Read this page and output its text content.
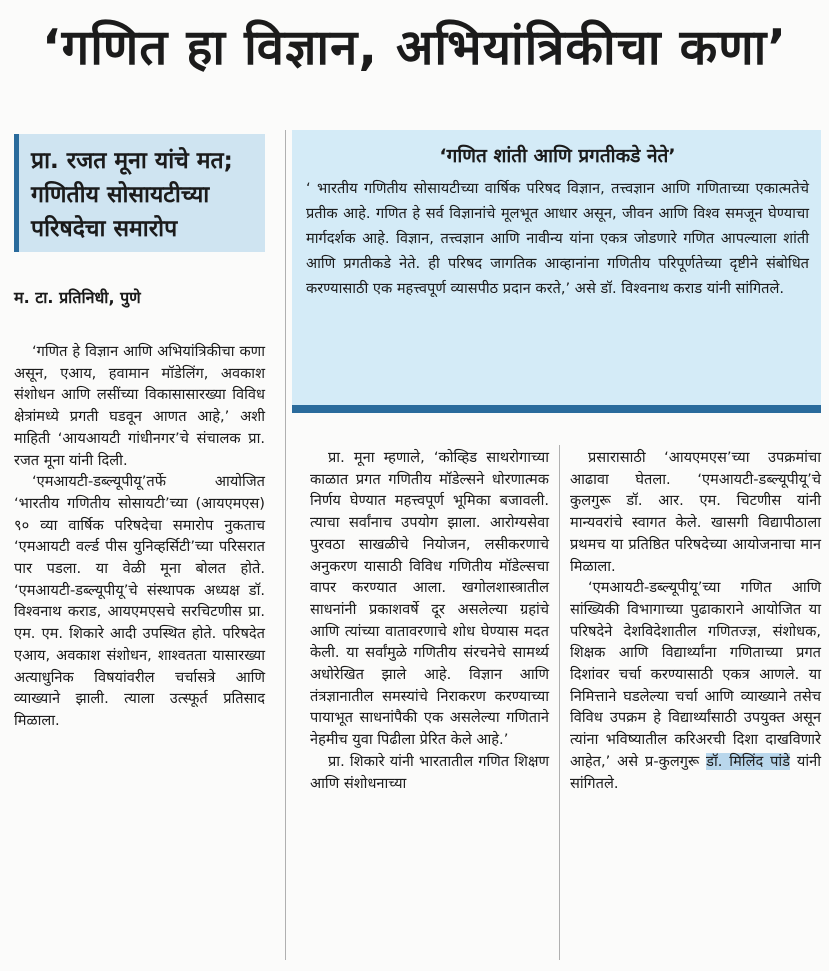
‘गणित हा विज्ञान, अभियांत्रिकीचा कणा’
प्रा. रजत मूना यांचे मत; गणितीय सोसायटीच्या परिषदेचा समारोप
म. टा. प्रतिनिधी, पुणे
‘गणित शांती आणि प्रगतीकडे नेते’
‘ भारतीय गणितीय सोसायटीच्या वार्षिक परिषद विज्ञान, तत्त्वज्ञान आणि गणिताच्या एकात्मतेचे प्रतीक आहे. गणित हे सर्व विज्ञानांचे मूलभूत आधार असून, जीवन आणि विश्व समजून घेण्याचा मार्गदर्शक आहे. विज्ञान, तत्त्वज्ञान आणि नावीन्य यांना एकत्र जोडणारे गणित आपल्याला शांती आणि प्रगतीकडे नेते. ही परिषद जागतिक आव्हानांना गणितीय परिपूर्णतेच्या दृष्टीने संबोधित करण्यासाठी एक महत्त्वपूर्ण व्यासपीठ प्रदान करते,’ असे डॉ. विश्वनाथ कराड यांनी सांगितले.

‘गणित हे विज्ञान आणि अभियांत्रिकीचा कणा असून, एआय, हवामान मॉडेलिंग, अवकाश संशोधन आणि लसींच्या विकासासारख्या विविध क्षेत्रांमध्ये प्रगती घडवून आणत आहे,’ अशी माहिती ‘आयआयटी गांधीनगर’चे संचालक प्रा. रजत मूना यांनी दिली.

‘एमआयटी-डब्ल्यूपीयू’तर्फे आयोजित ‘भारतीय गणितीय सोसायटी’च्या (आयएमएस) ९० व्या वार्षिक परिषदेचा समारोप नुकताच ‘एमआयटी वर्ल्ड पीस युनिव्हर्सिटी’च्या परिसरात पार पडला. या वेळी मूना बोलत होते. ‘एमआयटी-डब्ल्यूपीयू’चे संस्थापक अध्यक्ष डॉ. विश्वनाथ कराड, आयएमएसचे सरचिटणीस प्रा. एम. एम. शिकारे आदी उपस्थित होते. परिषदेत एआय, अवकाश संशोधन, शाश्वतता यासारख्या अत्याधुनिक विषयांवरील चर्चासत्रे आणि व्याख्याने झाली. त्याला उत्स्फूर्त प्रतिसाद मिळाला.

प्रा. मूना म्हणाले, ‘कोव्हिड साथरोगाच्या काळात प्रगत गणितीय मॉडेल्सने धोरणात्मक निर्णय घेण्यात महत्त्वपूर्ण भूमिका बजावली. त्याचा सर्वांनाच उपयोग झाला. आरोग्यसेवा पुरवठा साखळीचे नियोजन, लसीकरणाचे अनुकरण यासाठी विविध गणितीय मॉडेल्सचा वापर करण्यात आला. खगोलशास्त्रातील साधनांनी प्रकाशवर्षे दूर असलेल्या ग्रहांचे आणि त्यांच्या वातावरणाचे शोध घेण्यास मदत केली. या सर्वांमुळे गणितीय संरचनेचे सामर्थ्य अधोरेखित झाले आहे. विज्ञान आणि तंत्रज्ञानातील समस्यांचे निराकरण करण्याच्या पायाभूत साधनांपैकी एक असलेल्या गणिताने नेहमीच युवा पिढीला प्रेरित केले आहे.’

प्रा. शिकारे यांनी भारतातील गणित शिक्षण आणि संशोधनाच्या

प्रसारासाठी ‘आयएमएस’च्या उपक्रमांचा आढावा घेतला. ‘एमआयटी-डब्ल्यूपीयू’चे कुलगुरू डॉ. आर. एम. चिटणीस यांनी मान्यवरांचे स्वागत केले. खासगी विद्यापीठाला प्रथमच या प्रतिष्ठित परिषदेच्या आयोजनाचा मान मिळाला.

‘एमआयटी-डब्ल्यूपीयू’च्या गणित आणि सांख्यिकी विभागाच्या पुढाकाराने आयोजित या परिषदेने देशविदेशातील गणितज्ज्ञ, संशोधक, शिक्षक आणि विद्यार्थ्यांना गणिताच्या प्रगत दिशांवर चर्चा करण्यासाठी एकत्र आणले. या निमित्ताने घडलेल्या चर्चा आणि व्याख्याने तसेच विविध उपक्रम हे विद्यार्थ्यांसाठी उपयुक्त असून त्यांना भविष्यातील करिअरची दिशा दाखविणारे आहेत,’ असे प्र-कुलगुरू डॉ. मिलिंद पांडे यांनी सांगितले.
